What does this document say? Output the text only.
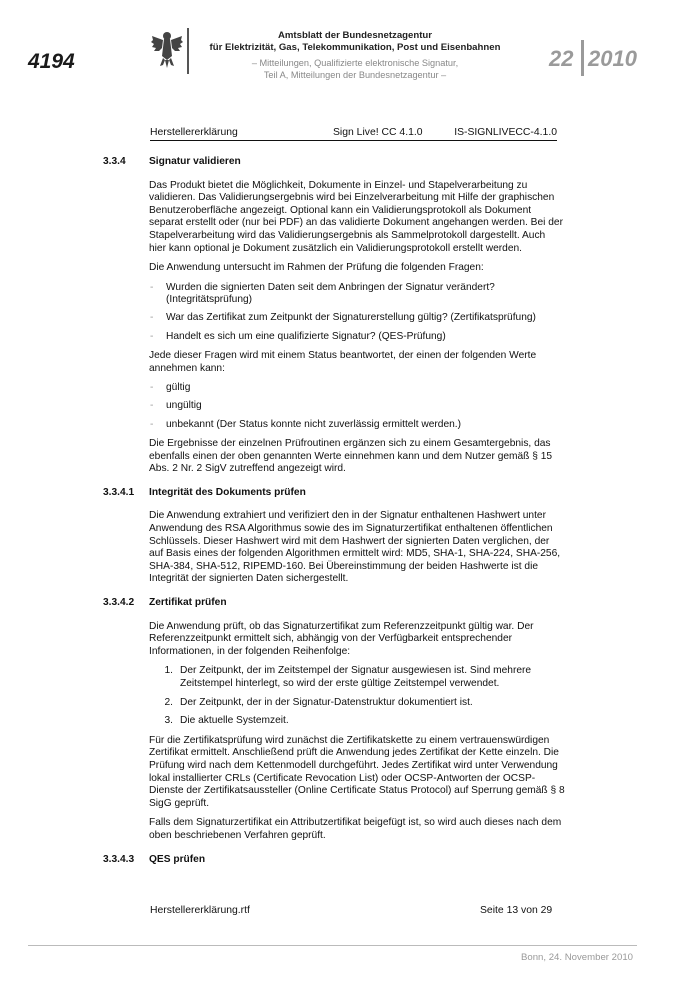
4194
Amtsblatt der Bundesnetzagentur
für Elektrizität, Gas, Telekommunikation, Post und Eisenbahnen
– Mitteilungen, Qualifizierte elektronische Signatur,
Teil A, Mitteilungen der Bundesnetzagentur –
22 2010
Herstellererklärung	Sign Live! CC 4.1.0	IS-SIGNLIVECC-4.1.0
3.3.4 Signatur validieren

Das Produkt bietet die Möglichkeit, Dokumente in Einzel- und Stapelverarbeitung zu validieren. Das Validierungsergebnis wird bei Einzelverarbeitung mit Hilfe der graphischen Benutzeroberfläche angezeigt. Optional kann ein Validierungsprotokoll als Dokument separat erstellt oder (nur bei PDF) an das validierte Dokument angehangen werden. Bei der Stapelverarbeitung wird das Validierungsergebnis als Sammelprotokoll dargestellt. Auch hier kann optional je Dokument zusätzlich ein Validierungsprotokoll erstellt werden.

Die Anwendung untersucht im Rahmen der Prüfung die folgenden Fragen:

- Wurden die signierten Daten seit dem Anbringen der Signatur verändert? (Integritätsprüfung)
- War das Zertifikat zum Zeitpunkt der Signaturerstellung gültig? (Zertifikatsprüfung)
- Handelt es sich um eine qualifizierte Signatur? (QES-Prüfung)

Jede dieser Fragen wird mit einem Status beantwortet, der einen der folgenden Werte annehmen kann:

- gültig
- ungültig
- unbekannt (Der Status konnte nicht zuverlässig ermittelt werden.)

Die Ergebnisse der einzelnen Prüfroutinen ergänzen sich zu einem Gesamtergebnis, das ebenfalls einen der oben genannten Werte einnehmen kann und dem Nutzer gemäß § 15 Abs. 2 Nr. 2 SigV zutreffend angezeigt wird.

3.3.4.1 Integrität des Dokuments prüfen

Die Anwendung extrahiert und verifiziert den in der Signatur enthaltenen Hashwert unter Anwendung des RSA Algorithmus sowie des im Signaturzertifikat enthaltenen öffentlichen Schlüssels. Dieser Hashwert wird mit dem Hashwert der signierten Daten verglichen, der auf Basis eines der folgenden Algorithmen ermittelt wird: MD5, SHA-1, SHA-224, SHA-256, SHA-384, SHA-512, RIPEMD-160. Bei Übereinstimmung der beiden Hashwerte ist die Integrität der signierten Daten sichergestellt.

3.3.4.2 Zertifikat prüfen

Die Anwendung prüft, ob das Signaturzertifikat zum Referenzzeitpunkt gültig war. Der Referenzzeitpunkt ermittelt sich, abhängig von der Verfügbarkeit entsprechender Informationen, in der folgenden Reihenfolge:

1. Der Zeitpunkt, der im Zeitstempel der Signatur ausgewiesen ist. Sind mehrere Zeitstempel hinterlegt, so wird der erste gültige Zeitstempel verwendet.
2. Der Zeitpunkt, der in der Signatur-Datenstruktur dokumentiert ist.
3. Die aktuelle Systemzeit.

Für die Zertifikatsprüfung wird zunächst die Zertifikatskette zu einem vertrauenswürdigen Zertifikat ermittelt. Anschließend prüft die Anwendung jedes Zertifikat der Kette einzeln. Die Prüfung wird nach dem Kettenmodell durchgeführt. Jedes Zertifikat wird unter Verwendung lokal installierter CRLs (Certificate Revocation List) oder OCSP-Antworten der OCSP-Dienste der Zertifikatsaussteller (Online Certificate Status Protocol) auf Sperrung gemäß § 8 SigG geprüft.

Falls dem Signaturzertifikat ein Attributzertifikat beigefügt ist, so wird auch dieses nach dem oben beschriebenen Verfahren geprüft.

3.3.4.3 QES prüfen
Herstellererklärung.rtf	Seite 13 von 29
Bonn, 24. November 2010
